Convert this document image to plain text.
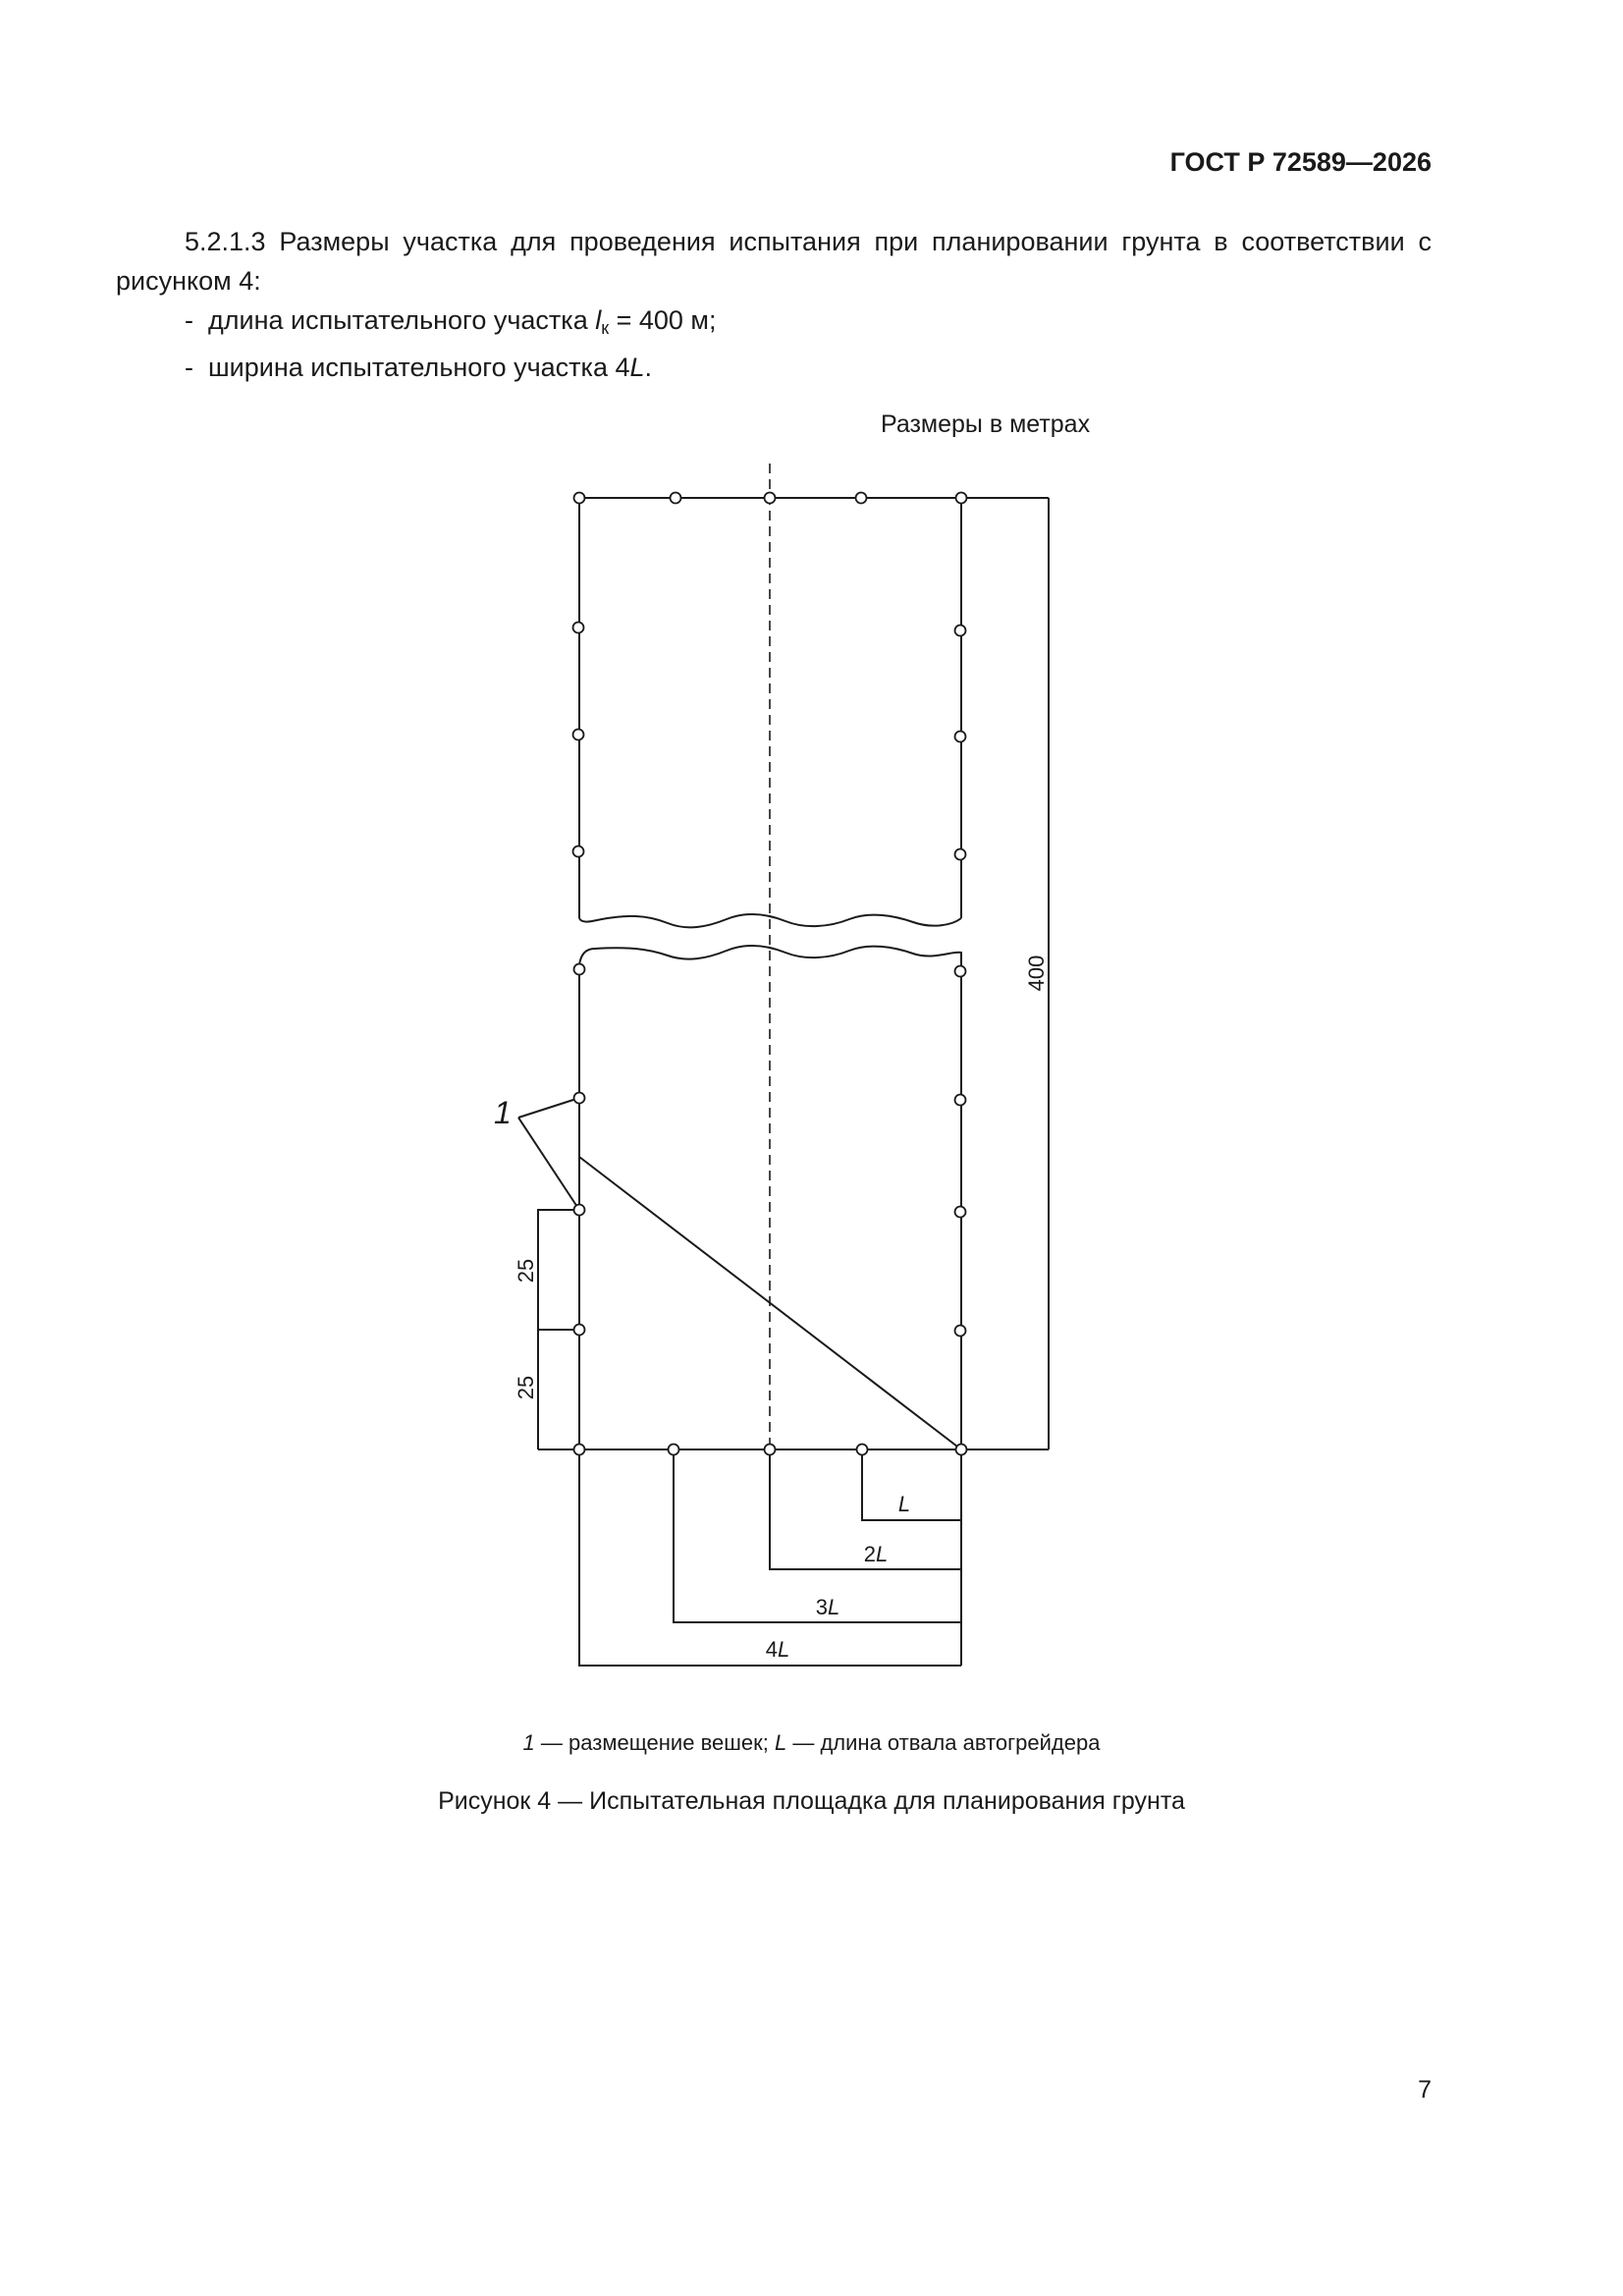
ГОСТ Р 72589—2026

5.2.1.3 Размеры участка для проведения испытания при планировании грунта в соответствии с рисунком 4:

- длина испытательного участка $l_к = 400$ м;

- ширина испытательного участка 4L.

Размеры в метрах
1
400
25
25
L
2L
3L
4L
1 — размещение вешек; L — длина отвала автогрейдера
Рисунок 4 — Испытательная площадка для планирования грунта
7
